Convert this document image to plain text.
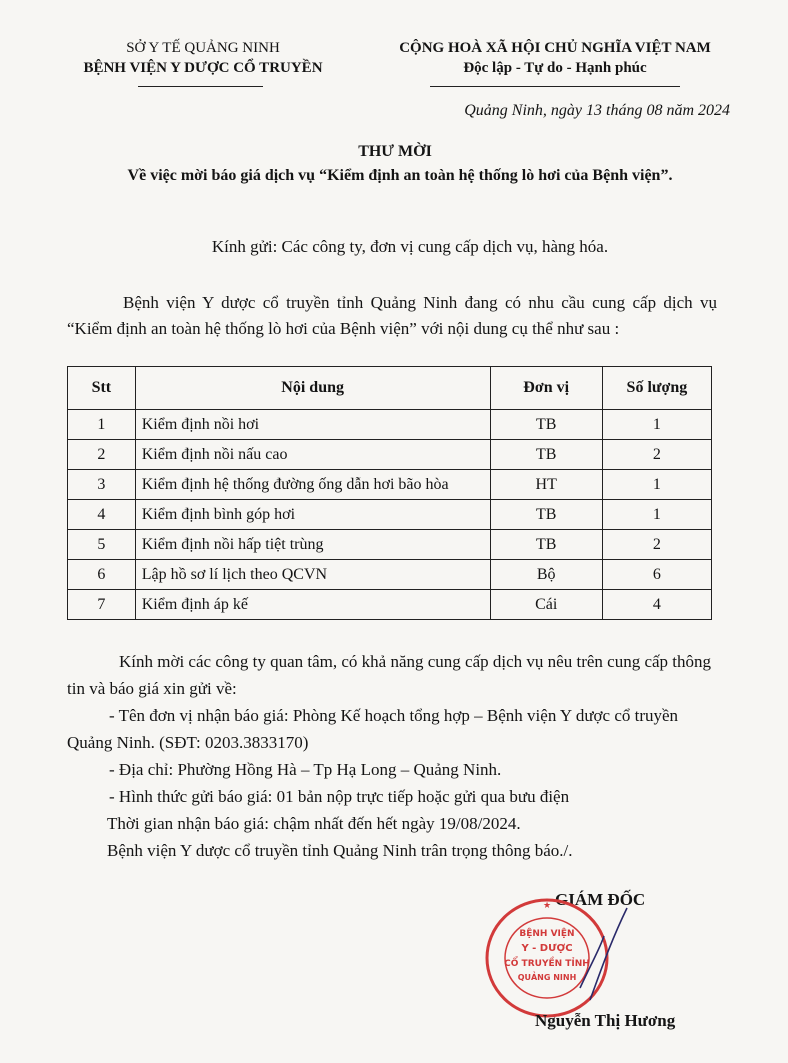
SỞ Y TẾ QUẢNG NINH
BỆNH VIỆN Y DƯỢC CỔ TRUYỀN
CỘNG HOÀ XÃ HỘI CHỦ NGHĨA VIỆT NAM
Độc lập - Tự do - Hạnh phúc
Quảng Ninh, ngày 13 tháng 08 năm 2024
THƯ MỜI
Về việc mời báo giá dịch vụ “Kiểm định an toàn hệ thống lò hơi của Bệnh viện”.
Kính gửi: Các công ty, đơn vị cung cấp dịch vụ, hàng hóa.
Bệnh viện Y dược cổ truyền tỉnh Quảng Ninh đang có nhu cầu cung cấp dịch vụ “Kiểm định an toàn hệ thống lò hơi của Bệnh viện” với nội dung cụ thể như sau :
Stt	Nội dung	Đơn vị	Số lượng
1	Kiểm định nồi hơi	TB	1
2	Kiểm định nồi nấu cao	TB	2
3	Kiểm định hệ thống đường ống dẫn hơi bão hòa	HT	1
4	Kiểm định bình góp hơi	TB	1
5	Kiểm định nồi hấp tiệt trùng	TB	2
6	Lập hồ sơ lí lịch theo QCVN	Bộ	6
7	Kiểm định áp kế	Cái	4

Kính mời các công ty quan tâm, có khả năng cung cấp dịch vụ nêu trên cung cấp thông tin và báo giá xin gửi về:

- Tên đơn vị nhận báo giá: Phòng Kế hoạch tổng hợp – Bệnh viện Y dược cổ truyền Quảng Ninh. (SĐT: 0203.3833170)

- Địa chỉ: Phường Hồng Hà – Tp Hạ Long – Quảng Ninh.

- Hình thức gửi báo giá: 01 bản nộp trực tiếp hoặc gửi qua bưu điện

Thời gian nhận báo giá: chậm nhất đến hết ngày 19/08/2024.

Bệnh viện Y dược cổ truyền tỉnh Quảng Ninh trân trọng thông báo./.

GIÁM ĐỐC
BỆNH VIỆN
Y - DƯỢC
CỔ TRUYỀN TỈNH
QUẢNG NINH
★
Nguyễn Thị Hương
